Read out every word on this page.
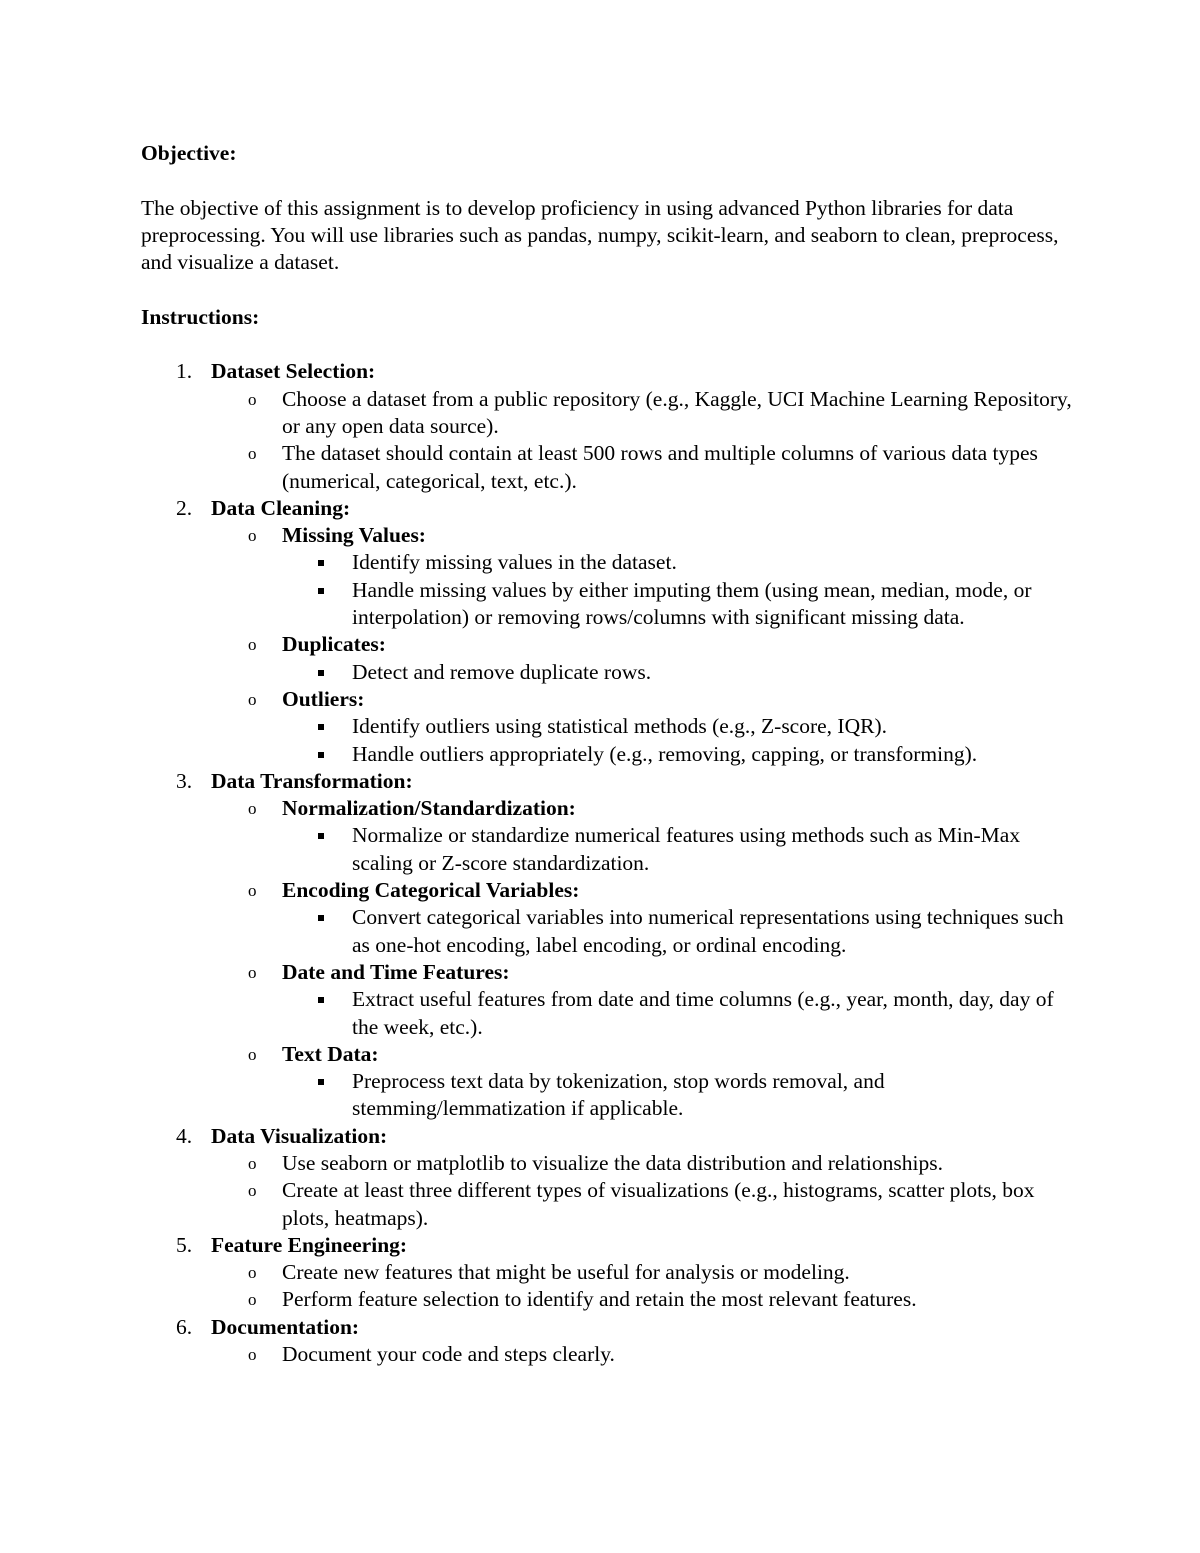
Objective:

The objective of this assignment is to develop proficiency in using advanced Python libraries for data preprocessing. You will use libraries such as pandas, numpy, scikit-learn, and seaborn to clean, preprocess, and visualize a dataset.

Instructions:

1. Dataset Selection:
o Choose a dataset from a public repository (e.g., Kaggle, UCI Machine Learning Repository, or any open data source).
o The dataset should contain at least 500 rows and multiple columns of various data types (numerical, categorical, text, etc.).
2. Data Cleaning:
o Missing Values:
Identify missing values in the dataset.
Handle missing values by either imputing them (using mean, median, mode, or interpolation) or removing rows/columns with significant missing data.
o Duplicates:
Detect and remove duplicate rows.
o Outliers:
Identify outliers using statistical methods (e.g., Z-score, IQR).
Handle outliers appropriately (e.g., removing, capping, or transforming).
3. Data Transformation:
o Normalization/Standardization:
Normalize or standardize numerical features using methods such as Min-Max scaling or Z-score standardization.
o Encoding Categorical Variables:
Convert categorical variables into numerical representations using techniques such as one-hot encoding, label encoding, or ordinal encoding.
o Date and Time Features:
Extract useful features from date and time columns (e.g., year, month, day, day of the week, etc.).
o Text Data:
Preprocess text data by tokenization, stop words removal, and stemming/lemmatization if applicable.
4. Data Visualization:
o Use seaborn or matplotlib to visualize the data distribution and relationships.
o Create at least three different types of visualizations (e.g., histograms, scatter plots, box plots, heatmaps).
5. Feature Engineering:
o Create new features that might be useful for analysis or modeling.
o Perform feature selection to identify and retain the most relevant features.
6. Documentation:
o Document your code and steps clearly.
